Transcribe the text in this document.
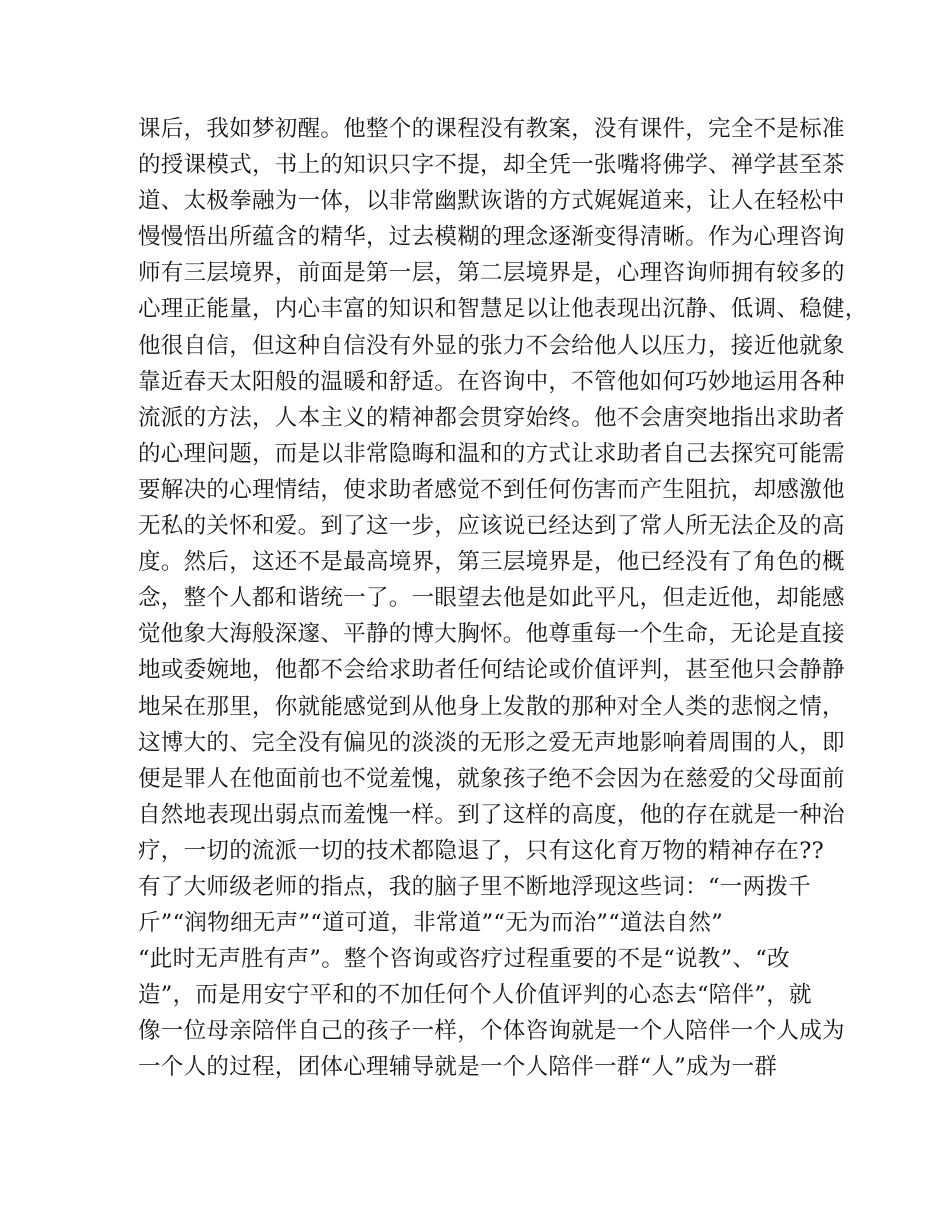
课后，我如梦初醒。他整个的课程没有教案，没有课件，完全不是标准
的授课模式，书上的知识只字不提，却全凭一张嘴将佛学、禅学甚至茶
道、太极拳融为一体，以非常幽默诙谐的方式娓娓道来，让人在轻松中
慢慢悟出所蕴含的精华，过去模糊的理念逐渐变得清晰。作为心理咨询
师有三层境界，前面是第一层，第二层境界是，心理咨询师拥有较多的
心理正能量，内心丰富的知识和智慧足以让他表现出沉静、低调、稳健，
他很自信，但这种自信没有外显的张力不会给他人以压力，接近他就象
靠近春天太阳般的温暖和舒适。在咨询中，不管他如何巧妙地运用各种
流派的方法，人本主义的精神都会贯穿始终。他不会唐突地指出求助者
的心理问题，而是以非常隐晦和温和的方式让求助者自己去探究可能需
要解决的心理情结，使求助者感觉不到任何伤害而产生阻抗，却感激他
无私的关怀和爱。到了这一步，应该说已经达到了常人所无法企及的高
度。然后，这还不是最高境界，第三层境界是，他已经没有了角色的概
念，整个人都和谐统一了。一眼望去他是如此平凡，但走近他，却能感
觉他象大海般深邃、平静的博大胸怀。他尊重每一个生命，无论是直接
地或委婉地，他都不会给求助者任何结论或价值评判，甚至他只会静静
地呆在那里，你就能感觉到从他身上发散的那种对全人类的悲悯之情，
这博大的、完全没有偏见的淡淡的无形之爱无声地影响着周围的人，即
便是罪人在他面前也不觉羞愧，就象孩子绝不会因为在慈爱的父母面前
自然地表现出弱点而羞愧一样。到了这样的高度，他的存在就是一种治
疗，一切的流派一切的技术都隐退了，只有这化育万物的精神存在??
有了大师级老师的指点，我的脑子里不断地浮现这些词：“一两拨千
斤”“润物细无声”“道可道，非常道”“无为而治”“道法自然”
“此时无声胜有声”。整个咨询或咨疗过程重要的不是“说教”、“改
造”，而是用安宁平和的不加任何个人价值评判的心态去“陪伴”，就
像一位母亲陪伴自己的孩子一样，个体咨询就是一个人陪伴一个人成为
一个人的过程，团体心理辅导就是一个人陪伴一群“人”成为一群
